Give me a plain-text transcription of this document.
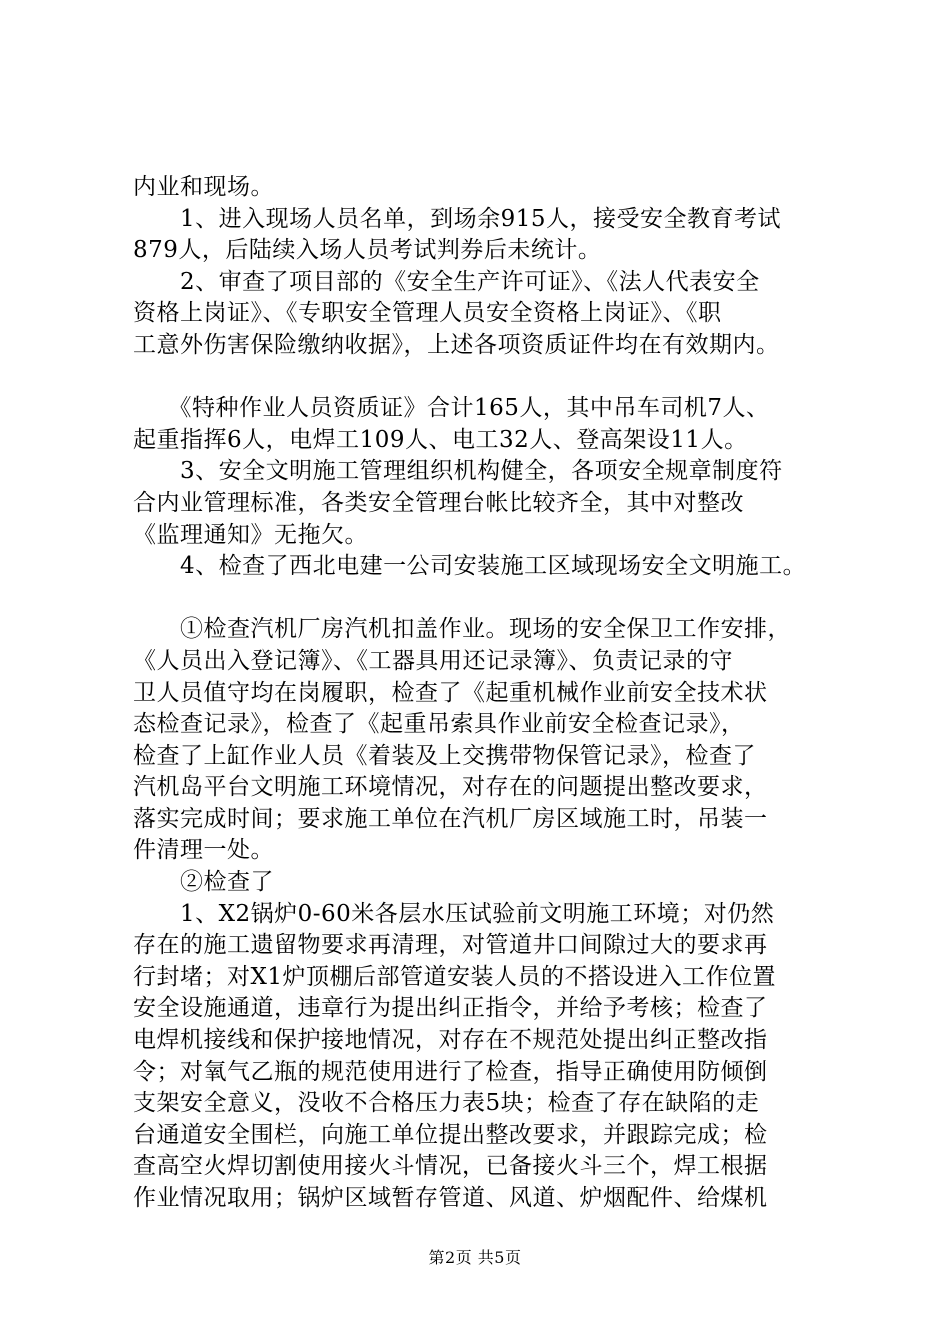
内业和现场。
　　1、进入现场人员名单，到场余915人，接受安全教育考试
879人，后陆续入场人员考试判券后未统计。
　　2、审查了项目部的《安全生产许可证》、《法人代表安全
资格上岗证》、《专职安全管理人员安全资格上岗证》、《职
工意外伤害保险缴纳收据》，上述各项资质证件均在有效期内。
　　《特种作业人员资质证》合计165人，其中吊车司机7人、
起重指挥6人，电焊工109人、电工32人、登高架设11人。
　　3、安全文明施工管理组织机构健全，各项安全规章制度符
合内业管理标准，各类安全管理台帐比较齐全，其中对整改
《监理通知》无拖欠。
　　4、检查了西北电建一公司安装施工区域现场安全文明施工。
　　①检查汽机厂房汽机扣盖作业。现场的安全保卫工作安排，
《人员出入登记簿》、《工器具用还记录簿》、负责记录的守
卫人员值守均在岗履职，检查了《起重机械作业前安全技术状
态检查记录》，检查了《起重吊索具作业前安全检查记录》，
检查了上缸作业人员《着装及上交携带物保管记录》，检查了
汽机岛平台文明施工环境情况，对存在的问题提出整改要求，
落实完成时间；要求施工单位在汽机厂房区域施工时，吊装一
件清理一处。
　　②检查了
　　1、X2锅炉0-60米各层水压试验前文明施工环境；对仍然
存在的施工遗留物要求再清理，对管道井口间隙过大的要求再
行封堵；对X1炉顶棚后部管道安装人员的不搭设进入工作位置
安全设施通道，违章行为提出纠正指令，并给予考核；检查了
电焊机接线和保护接地情况，对存在不规范处提出纠正整改指
令；对氧气乙瓶的规范使用进行了检查，指导正确使用防倾倒
支架安全意义，没收不合格压力表5块；检查了存在缺陷的走
台通道安全围栏，向施工单位提出整改要求，并跟踪完成；检
查高空火焊切割使用接火斗情况，已备接火斗三个，焊工根据
作业情况取用；锅炉区域暂存管道、风道、炉烟配件、给煤机
第2页 共5页
